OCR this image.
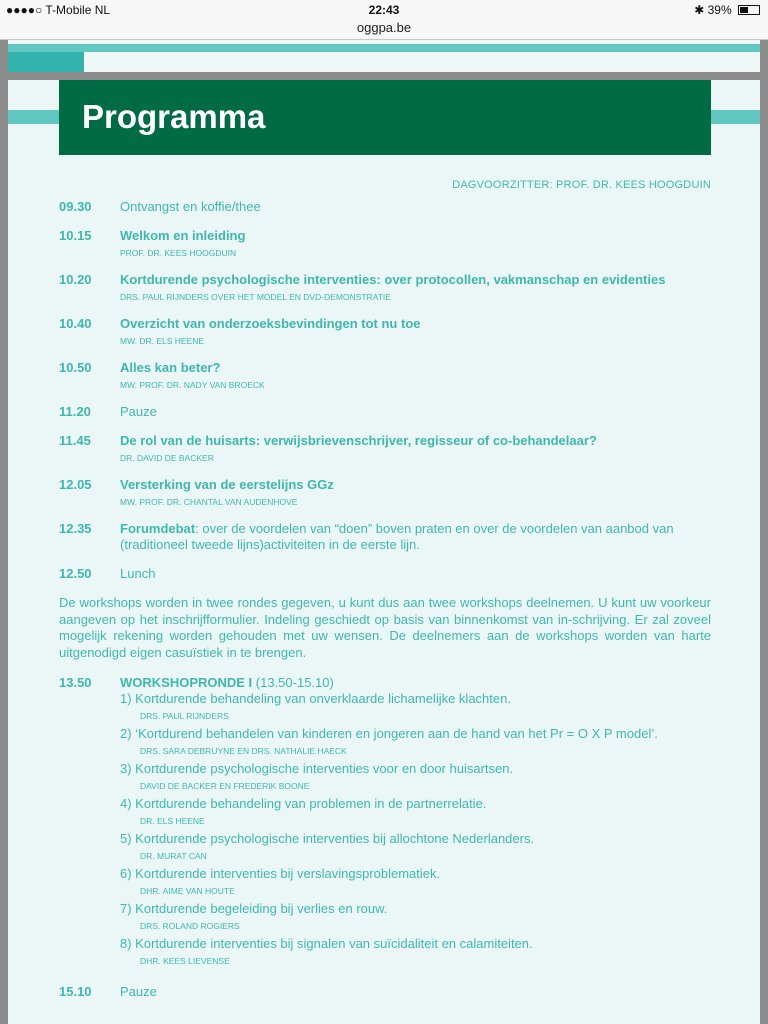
●●●●○ T-Mobile NL	22:43	✱ 39%
oggpa.be
Programma
DAGVOORZITTER: PROF. DR. KEES HOOGDUIN
09.30	Ontvangst en koffie/thee
10.15	Welkom en inleiding
PROF. DR. KEES HOOGDUIN
10.20	Kortdurende psychologische interventies: over protocollen, vakmanschap en evidenties
DRS. PAUL RIJNDERS OVER HET MODEL EN DVD-DEMONSTRATIE
10.40	Overzicht van onderzoeksbevindingen tot nu toe
MW. DR. ELS HEENE
10.50	Alles kan beter?
MW. PROF. DR. NADY VAN BROECK
11.20	Pauze
11.45	De rol van de huisarts: verwijsbrievenschrijver, regisseur of co-behandelaar?
DR. DAVID DE BACKER
12.05	Versterking van de eerstelijns GGz
MW. PROF. DR. CHANTAL VAN AUDENHOVE
12.35	Forumdebat: over de voordelen van “doen” boven praten en over de voordelen van aanbod van (traditioneel tweede lijns)activiteiten in de eerste lijn.
12.50	Lunch
De workshops worden in twee rondes gegeven, u kunt dus aan twee workshops deelnemen. U kunt uw voorkeur aangeven op het inschrijfformulier. Indeling geschiedt op basis van binnenkomst van in-schrijving. Er zal zoveel mogelijk rekening worden gehouden met uw wensen. De deelnemers aan de workshops worden van harte uitgenodigd eigen casuïstiek in te brengen.
13.50	WORKSHOPRONDE I (13.50-15.10)
1) Kortdurende behandeling van onverklaarde lichamelijke klachten.
DRS. PAUL RIJNDERS
2) ‘Kortdurend behandelen van kinderen en jongeren aan de hand van het Pr = O X P model’.
DRS. SARA DEBRUYNE EN DRS. NATHALIE HAECK
3) Kortdurende psychologische interventies voor en door huisartsen.
DAVID DE BACKER EN FREDERIK BOONE
4) Kortdurende behandeling van problemen in de partnerrelatie.
DR. ELS HEENE
5) Kortdurende psychologische interventies bij allochtone Nederlanders.
DR. MURAT CAN
6) Kortdurende interventies bij verslavingsproblematiek.
DHR. AIME VAN HOUTE
7) Kortdurende begeleiding bij verlies en rouw.
DRS. ROLAND ROGIERS
8) Kortdurende interventies bij signalen van suïcidaliteit en calamiteiten.
DHR. KEES LIEVENSE
15.10	Pauze
